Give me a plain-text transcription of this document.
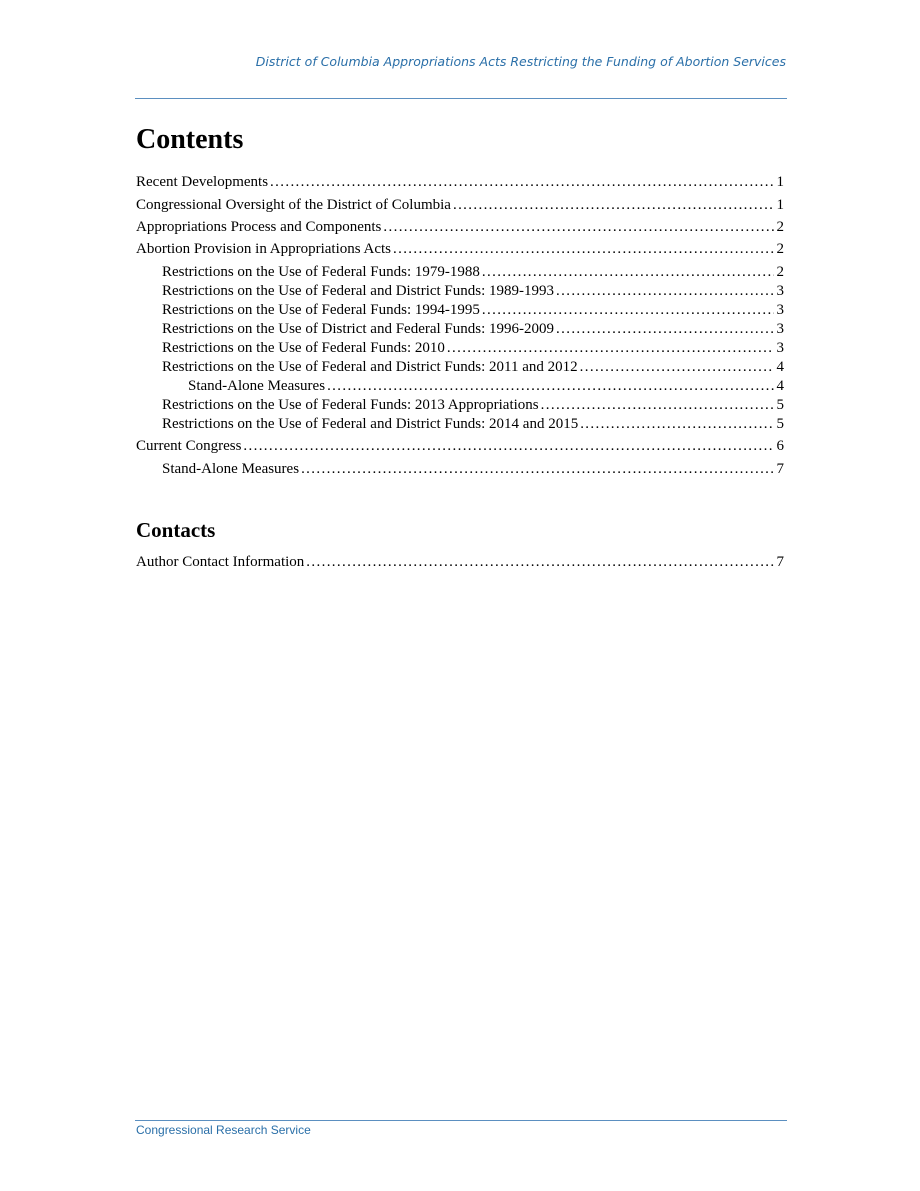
District of Columbia Appropriations Acts Restricting the Funding of Abortion Services
Contents
Recent Developments . . .	1
Congressional Oversight of the District of Columbia . . .	1
Appropriations Process and Components . . .	2
Abortion Provision in Appropriations Acts . . .	2
Restrictions on the Use of Federal Funds: 1979-1988 . . .	2
Restrictions on the Use of Federal and District Funds: 1989-1993 . . .	3
Restrictions on the Use of Federal Funds: 1994-1995 . . .	3
Restrictions on the Use of District and Federal Funds: 1996-2009 . . .	3
Restrictions on the Use of Federal Funds: 2010 . . .	3
Restrictions on the Use of Federal and District Funds: 2011 and 2012 . . .	4
Stand-Alone Measures . . .	4
Restrictions on the Use of Federal Funds: 2013 Appropriations . . .	5
Restrictions on the Use of Federal and District Funds: 2014 and 2015 . . .	5
Current Congress . . .	6
Stand-Alone Measures . . .	7
Contacts
Author Contact Information . . .	7
Congressional Research Service
